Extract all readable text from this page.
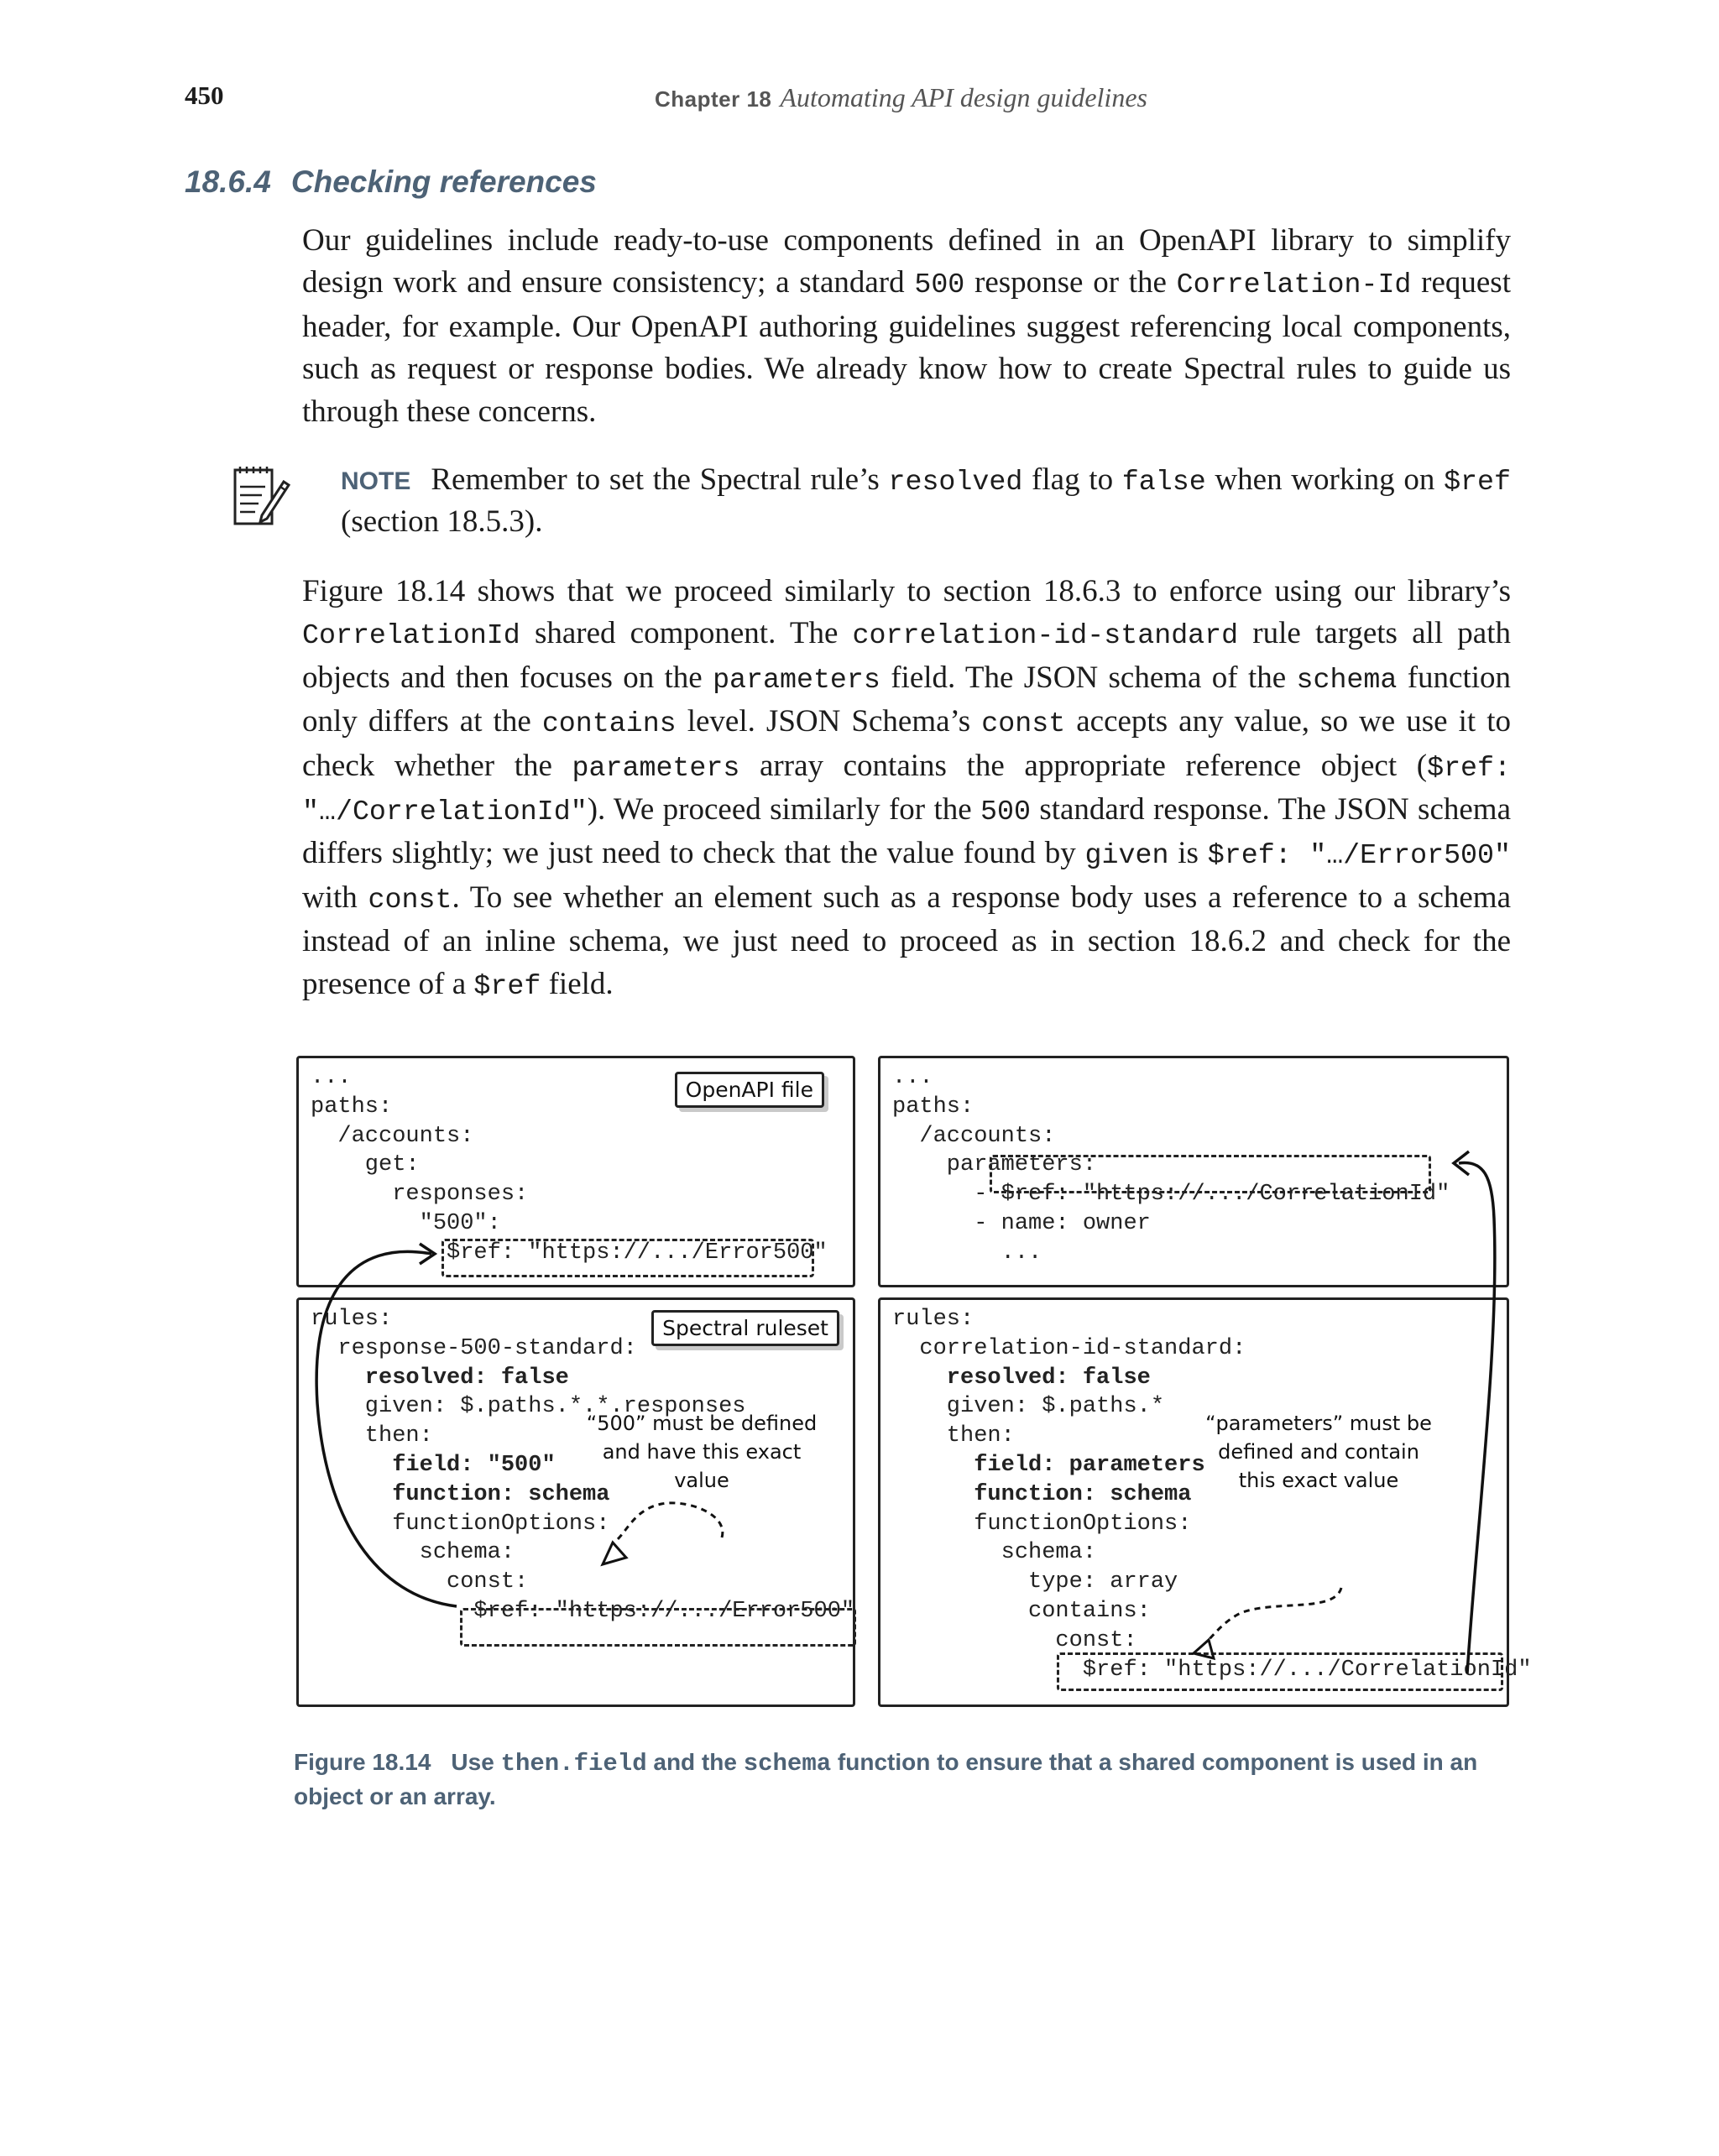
450	Chapter 18 Automating API design guidelines
18.6.4 Checking references

Our guidelines include ready-to-use components defined in an OpenAPI library to simplify design work and ensure consistency; a standard 500 response or the Correlation-Id request header, for example. Our OpenAPI authoring guidelines suggest referencing local components, such as request or response bodies. We already know how to create Spectral rules to guide us through these concerns.

NOTE Remember to set the Spectral rule’s resolved flag to false when working on $ref (section 18.5.3).

Figure 18.14 shows that we proceed similarly to section 18.6.3 to enforce using our library’s CorrelationId shared component. The correlation-id-standard rule targets all path objects and then focuses on the parameters field. The JSON schema of the schema function only differs at the contains level. JSON Schema’s const accepts any value, so we use it to check whether the parameters array contains the appropriate reference object ($ref: "…/CorrelationId"). We proceed similarly for the 500 standard response. The JSON schema differs slightly; we just need to check that the value found by given is $ref: "…/Error500" with const. To see whether an element such as a response body uses a reference to a schema instead of an inline schema, we just need to proceed as in section 18.6.2 and check for the presence of a $ref field.

...
paths:
/accounts:
get:
responses:
"500":
$ref: "https://.../Error500"
OpenAPI file
rules:
response-500-standard:
resolved: false
given: $.paths.*.*.responses
then:
field: "500"
function: schema
functionOptions:
schema:
const:
$ref: "https://.../Error500"
Spectral ruleset

“500” must be defined
and have this exact
value

...
paths:
/accounts:
parameters:
- $ref: "https://.../CorrelationId"
- name: owner
...
rules:
correlation-id-standard:
resolved: false
given: $.paths.*
then:
field: parameters
function: schema
functionOptions:
schema:
type: array
contains:
const:
$ref: "https://.../CorrelationId"

“parameters” must be
defined and contain
this exact value

Figure 18.14 Use then.field and the schema function to ensure that a shared component is used in an object or an array.
